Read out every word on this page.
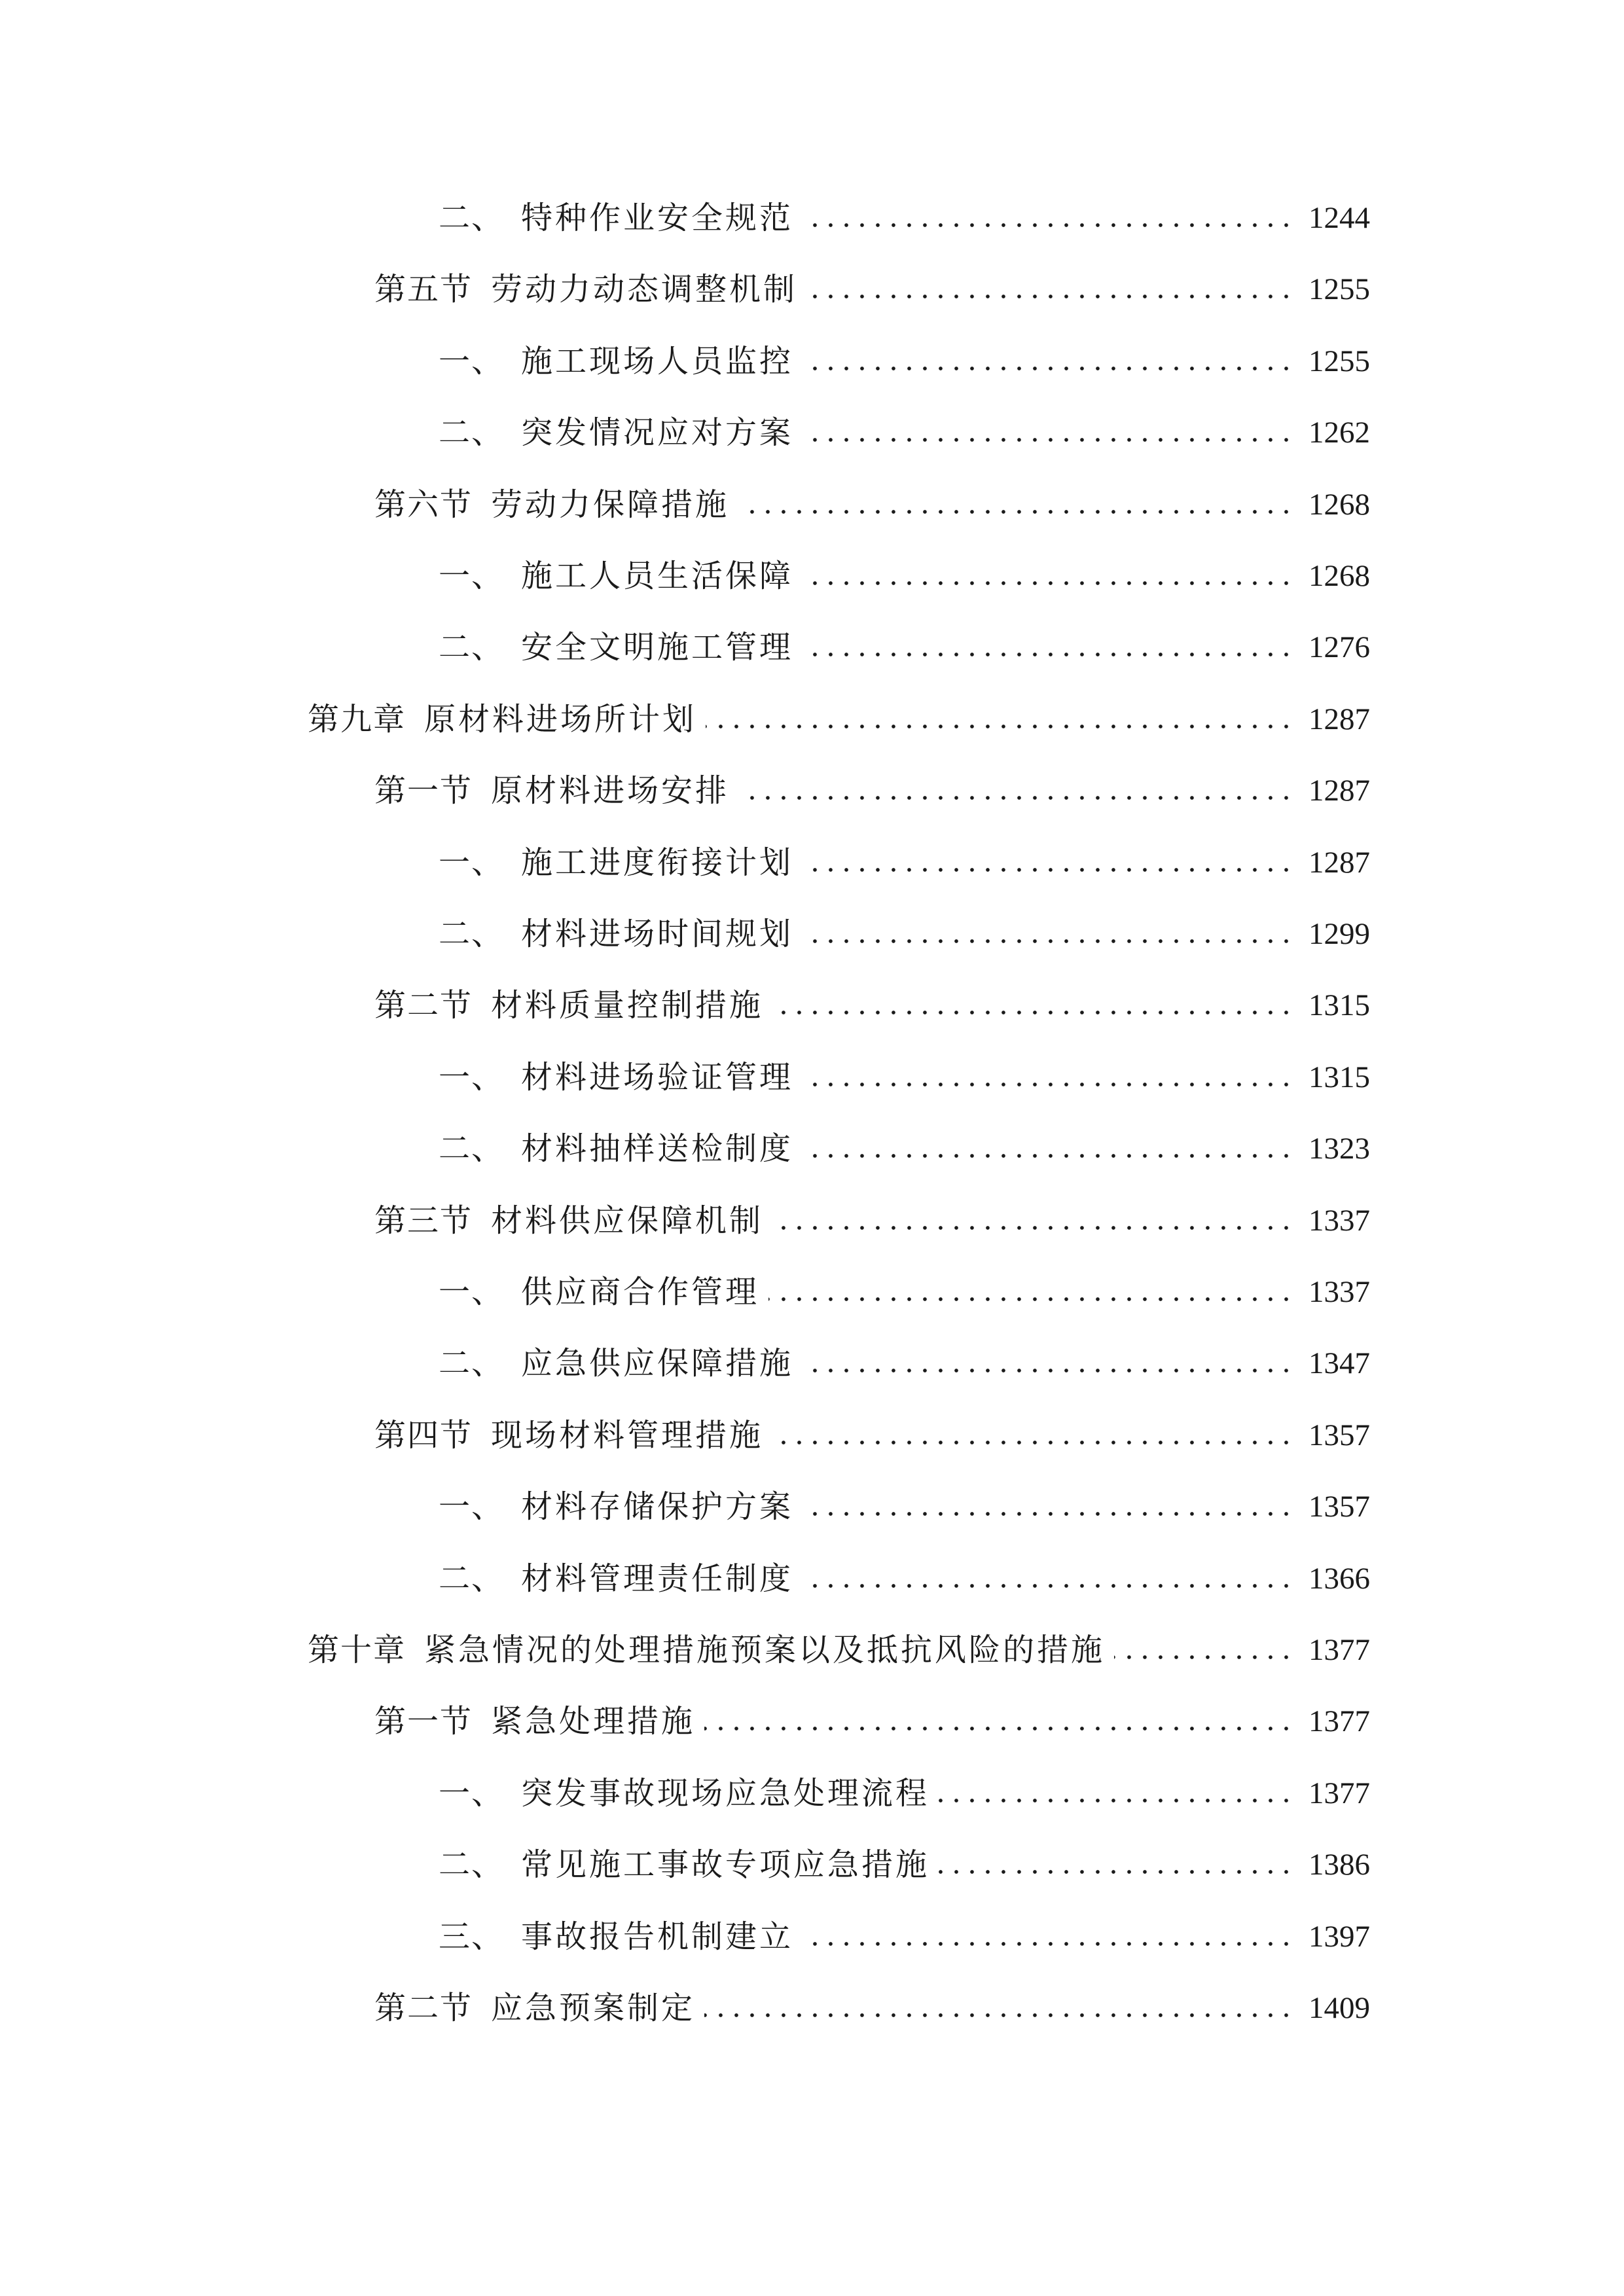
二、 特种作业安全规范	1244
第五节 劳动力动态调整机制	1255
一、 施工现场人员监控	1255
二、 突发情况应对方案	1262
第六节 劳动力保障措施	1268
一、 施工人员生活保障	1268
二、 安全文明施工管理	1276
第九章 原材料进场所计划	1287
第一节 原材料进场安排	1287
一、 施工进度衔接计划	1287
二、 材料进场时间规划	1299
第二节 材料质量控制措施	1315
一、 材料进场验证管理	1315
二、 材料抽样送检制度	1323
第三节 材料供应保障机制	1337
一、 供应商合作管理	1337
二、 应急供应保障措施	1347
第四节 现场材料管理措施	1357
一、 材料存储保护方案	1357
二、 材料管理责任制度	1366
第十章 紧急情况的处理措施预案以及抵抗风险的措施	1377
第一节 紧急处理措施	1377
一、 突发事故现场应急处理流程	1377
二、 常见施工事故专项应急措施	1386
三、 事故报告机制建立	1397
第二节 应急预案制定	1409
